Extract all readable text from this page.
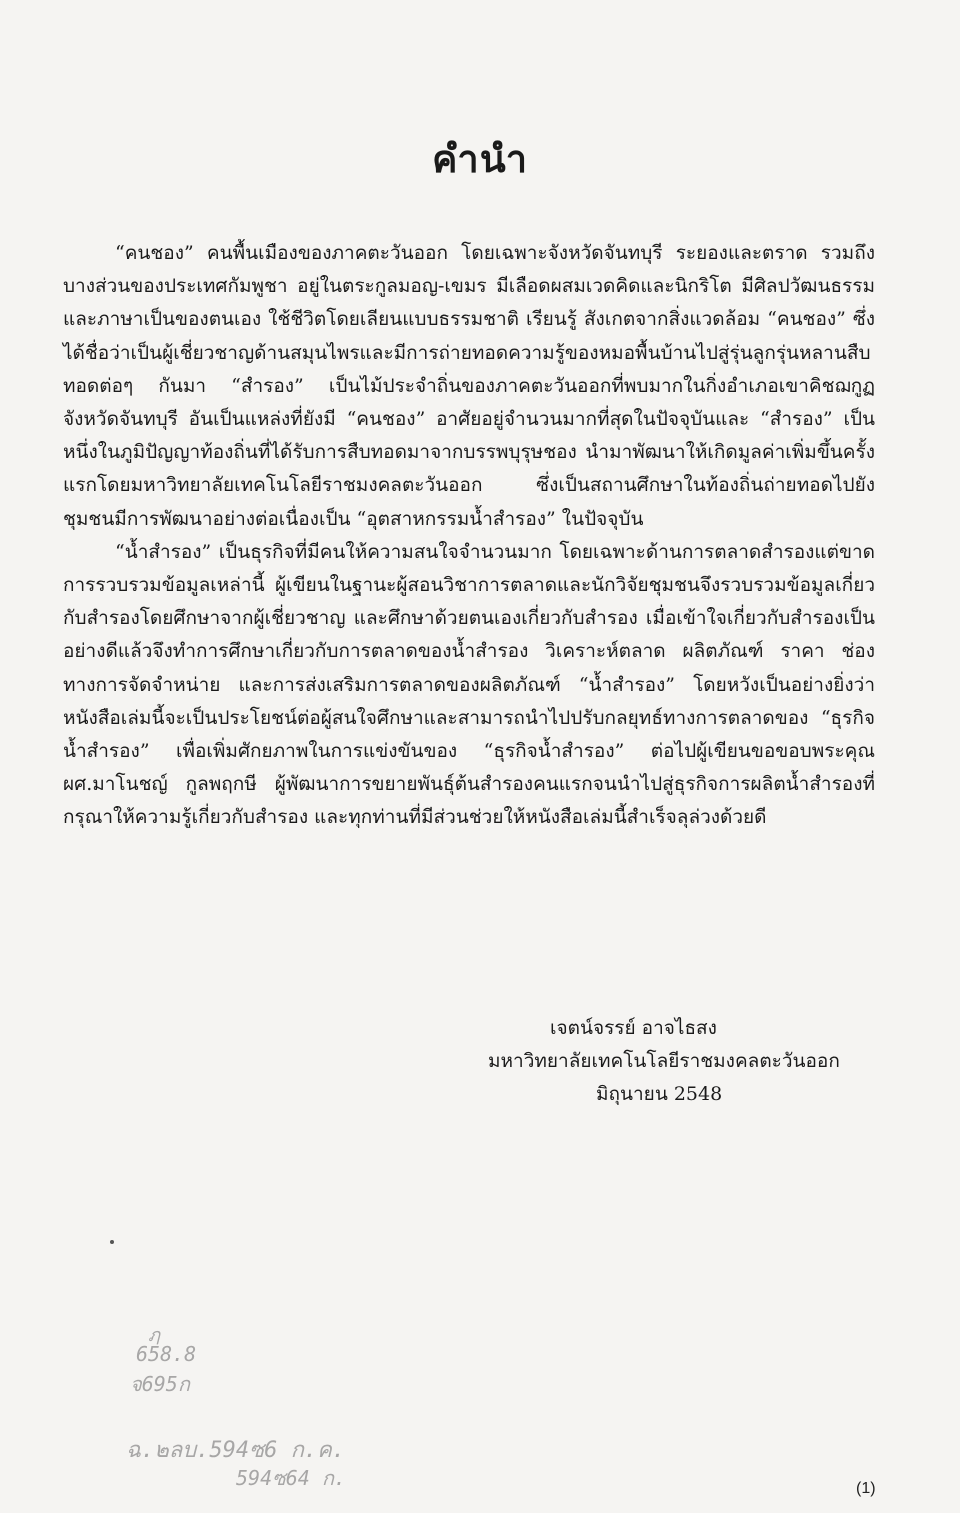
คำนำ

“คนชอง” คนพื้นเมืองของภาคตะวันออก โดยเฉพาะจังหวัดจันทบุรี ระยองและตราด รวมถึงบางส่วนของประเทศกัมพูชา อยู่ในตระกูลมอญ-เขมร มีเลือดผสมเวดคิดและนิกริโต มีศิลปวัฒนธรรมและภาษาเป็นของตนเอง ใช้ชีวิตโดยเลียนแบบธรรมชาติ เรียนรู้ สังเกตจากสิ่งแวดล้อม “คนชอง” ซึ่งได้ชื่อว่าเป็นผู้เชี่ยวชาญด้านสมุนไพรและมีการถ่ายทอดความรู้ของหมอพื้นบ้านไปสู่รุ่นลูกรุ่นหลานสืบทอดต่อๆ กันมา “สำรอง” เป็นไม้ประจำถิ่นของภาคตะวันออกที่พบมากในกิ่งอำเภอเขาคิชฌกูฏ จังหวัดจันทบุรี อันเป็นแหล่งที่ยังมี “คนชอง” อาศัยอยู่จำนวนมากที่สุดในปัจจุบันและ “สำรอง” เป็นหนึ่งในภูมิปัญญาท้องถิ่นที่ได้รับการสืบทอดมาจากบรรพบุรุษชอง นำมาพัฒนาให้เกิดมูลค่าเพิ่มขึ้นครั้งแรกโดยมหาวิทยาลัยเทคโนโลยีราชมงคลตะวันออก ซึ่งเป็นสถานศึกษาในท้องถิ่นถ่ายทอดไปยังชุมชนมีการพัฒนาอย่างต่อเนื่องเป็น “อุตสาหกรรมน้ำสำรอง” ในปัจจุบัน

“น้ำสำรอง” เป็นธุรกิจที่มีคนให้ความสนใจจำนวนมาก โดยเฉพาะด้านการตลาดสำรองแต่ขาดการรวบรวมข้อมูลเหล่านี้ ผู้เขียนในฐานะผู้สอนวิชาการตลาดและนักวิจัยชุมชนจึงรวบรวมข้อมูลเกี่ยวกับสำรองโดยศึกษาจากผู้เชี่ยวชาญ และศึกษาด้วยตนเองเกี่ยวกับสำรอง เมื่อเข้าใจเกี่ยวกับสำรองเป็นอย่างดีแล้วจึงทำการศึกษาเกี่ยวกับการตลาดของน้ำสำรอง วิเคราะห์ตลาด ผลิตภัณฑ์ ราคา ช่องทางการจัดจำหน่าย และการส่งเสริมการตลาดของผลิตภัณฑ์ “น้ำสำรอง” โดยหวังเป็นอย่างยิ่งว่าหนังสือเล่มนี้จะเป็นประโยชน์ต่อผู้สนใจศึกษาและสามารถนำไปปรับกลยุทธ์ทางการตลาดของ “ธุรกิจน้ำสำรอง” เพื่อเพิ่มศักยภาพในการแข่งขันของ “ธุรกิจน้ำสำรอง” ต่อไปผู้เขียนขอขอบพระคุณ ผศ.มาโนชญ์ กูลพฤกษี ผู้พัฒนาการขยายพันธุ์ต้นสำรองคนแรกจนนำไปสู่ธุรกิจการผลิตน้ำสำรองที่กรุณาให้ความรู้เกี่ยวกับสำรอง และทุกท่านที่มีส่วนช่วยให้หนังสือเล่มนี้สำเร็จลุล่วงด้วยดี

เจตน์จรรย์ อาจไธสง
มหาวิทยาลัยเทคโนโลยีราชมงคลตะวันออก
มิถุนายน 2548
ฦ
658.8
จ695ก
ฉ.๒ลบ.594ซ6 ก.ค.
594ซ64 ก.	(1)
